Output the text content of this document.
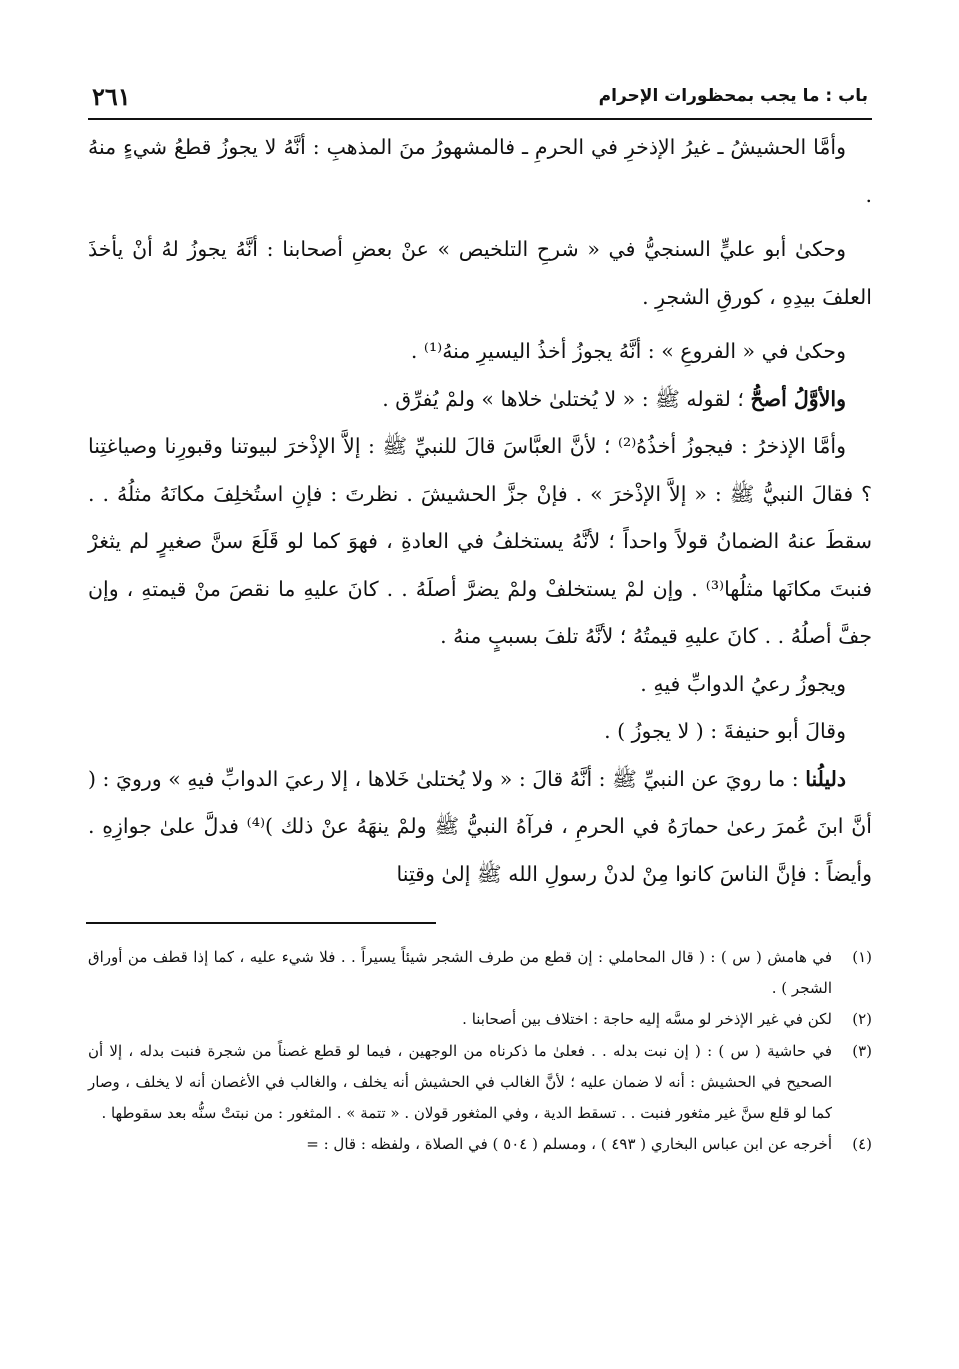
باب : ما يجب بمحظورات الإحرام
٢٦١

وأمَّا الحشيشُ ـ غيرُ الإذخرِ في الحرمِ ـ فالمشهورُ منَ المذهبِ : أنَّهُ لا يجوزُ قطعُ شيءٍ منهُ .

وحكىٰ أبو عليٍّ السنجيُّ في « شرحِ التلخيص » عنْ بعضِ أصحابنا : أنَّهُ يجوزُ لهُ أنْ يأخذَ العلفَ بيدِهِ ، كورقِ الشجرِ .

وحكىٰ في « الفروعِ » : أنَّهُ يجوزُ أخذُ اليسيرِ منهُ⁽¹⁾ .

والأوَّلُ أصحُّ ؛ لقوله ﷺ : « لا يُختلىٰ خلاها » ولمْ يُفرِّق .

وأمَّا الإذخرُ : فيجوزُ أخذُهُ⁽²⁾ ؛ لأنَّ العبَّاسَ قالَ للنبيِّ ﷺ : إلاَّ الإذْخرَ لبيوتنا وقبورِنا وصياغتِنا ؟ فقالَ النبيُّ ﷺ : « إلاَّ الإذْخرَ » . فإنْ جزَّ الحشيشَ . نظرتَ : فإنِ استُخلِفَ مكانَهُ مثلُهُ . . سقطَ عنهُ الضمانُ قولاً واحداً ؛ لأنَّهُ يستخلفُ في العادةِ ، فهوَ كما لو قَلَعَ سنَّ صغيرٍ لم يثغرْ فنبتَ مكانَها مثلُها⁽³⁾ . وإن لمْ يستخلفْ ولمْ يضرَّ أصلَهُ . . كانَ عليهِ ما نقصَ منْ قيمتهِ ، وإن جفَّ أصلُهُ . . كانَ عليهِ قيمتُهُ ؛ لأنَّهُ تلفَ بسببٍ منهُ .

ويجوزُ رعيُ الدوابِّ فيهِ .

وقالَ أبو حنيفةَ : ( لا يجوزُ ) .

دليلُنا : ما رويَ عن النبيِّ ﷺ : أنَّهُ قالَ : « ولا يُختلىٰ خَلاها ، إلا رعيَ الدوابِّ فيهِ » ورويَ : ( أنَّ ابنَ عُمرَ رعىٰ حمارَهُ في الحرمِ ، فرآهُ النبيُّ ﷺ ولمْ ينهَهُ عنْ ذلك )⁽⁴⁾ فدلَّ علىٰ جوازِهِ . وأيضاً : فإنَّ الناسَ كانوا مِنْ لدنْ رسولِ الله ﷺ إلىٰ وقتِنا

(١)
في هامش ( س ) : ( قال المحاملي : إن قطع من طرف الشجر شيئاً يسيراً . . فلا شيء عليه ، كما إذا قطف من أوراق الشجر ) .
(٢)
لكن في غير الإذخر لو مسَّه إليه حاجة : اختلاف بين أصحابنا .
(٣)
في حاشية ( س ) : ( إن نبت بدله . . فعلىٰ ما ذكرناه من الوجهين ، فيما لو قطع غصناً من شجرة فنبت بدله ، إلا أن الصحيح في الحشيش : أنه لا ضمان عليه ؛ لأنَّ الغالب في الحشيش أنه يخلف ، والغالب في الأغصان أنه لا يخلف ، وصار كما لو قلع سنَّ غير مثغور فنبت . . تسقط الدية ، وفي المثغور قولان . « تتمة » . المثغور : من نبتتْ سنُّه بعد سقوطها .
(٤)
أخرجه عن ابن عباس البخاري ( ٤٩٣ ) ، ومسلم ( ٥٠٤ ) في الصلاة ، ولفظه : قال : =
